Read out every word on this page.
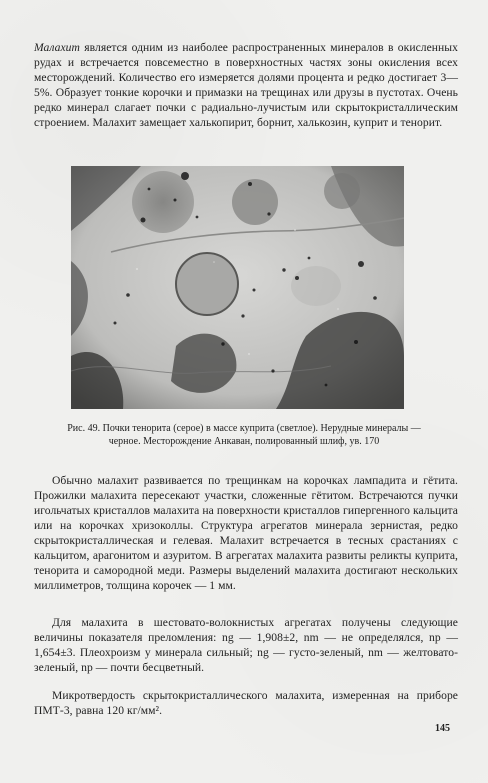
Малахит является одним из наиболее распространенных минералов в окисленных рудах и встречается повсеместно в поверхностных частях зоны окисления всех месторождений. Количество его измеряется долями процента и редко достигает 3—5%. Образует тонкие корочки и примазки на трещинах или друзы в пустотах. Очень редко минерал слагает почки с радиально-лучистым или скрытокристаллическим строением. Малахит замещает халькопирит, борнит, халькозин, куприт и тенорит.

Рис. 49. Почки тенорита (серое) в массе куприта (светлое). Нерудные минералы — черное. Месторождение Анкаван, полированный шлиф, ув. 170

Обычно малахит развивается по трещинкам на корочках лампадита и гётита. Прожилки малахита пересекают участки, сложенные гётитом. Встречаются пучки игольчатых кристаллов малахита на поверхности кристаллов гипергенного кальцита или на корочках хризоколлы. Структура агрегатов минерала зернистая, редко скрытокристаллическая и гелевая. Малахит встречается в тесных срастаниях с кальцитом, арагонитом и азуритом. В агрегатах малахита развиты реликты куприта, тенорита и самородной меди. Размеры выделений малахита достигают нескольких миллиметров, толщина корочек — 1 мм.

Для малахита в шестовато-волокнистых агрегатах получены следующие величины показателя преломления: ng — 1,908±2, nm — не определялся, np — 1,654±3. Плеохроизм у минерала сильный; ng — густо-зеленый, nm — желтовато-зеленый, np — почти бесцветный.

Микротвердость скрытокристаллического малахита, измеренная на приборе ПМТ-3, равна 120 кг/мм².

145
